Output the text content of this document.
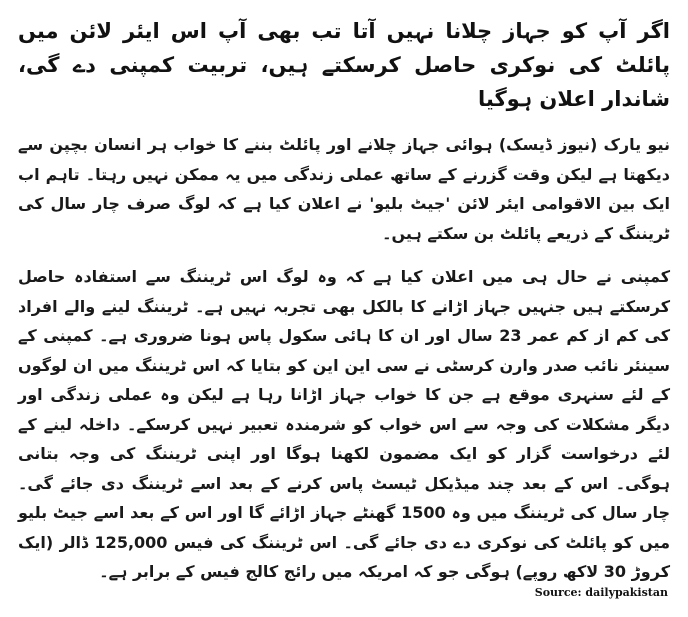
اگر آپ کو جہاز چلانا نہیں آتا تب بھی آپ اس ایئر لائن میں پائلٹ کی نوکری حاصل کرسکتے ہیں، تربیت کمپنی دے گی، شاندار اعلان ہوگیا

نیو یارک (نیوز ڈیسک) ہوائی جہاز چلانے اور پائلٹ بننے کا خواب ہر انسان بچپن سے دیکھتا ہے لیکن وقت گزرنے کے ساتھ عملی زندگی میں یہ ممکن نہیں رہتا۔ تاہم اب ایک بین الاقوامی ایئر لائن 'جیٹ بلیو' نے اعلان کیا ہے کہ لوگ صرف چار سال کی ٹریننگ کے ذریعے پائلٹ بن سکتے ہیں۔

کمپنی نے حال ہی میں اعلان کیا ہے کہ وہ لوگ اس ٹریننگ سے استفادہ حاصل کرسکتے ہیں جنہیں جہاز اڑانے کا بالکل بھی تجربہ نہیں ہے۔ ٹریننگ لینے والے افراد کی کم از کم عمر 23 سال اور ان کا ہائی سکول پاس ہونا ضروری ہے۔ کمپنی کے سینئر نائب صدر وارن کرسٹی نے سی این این کو بتایا کہ اس ٹریننگ میں ان لوگوں کے لئے سنہری موقع ہے جن کا خواب جہاز اڑانا رہا ہے لیکن وہ عملی زندگی اور دیگر مشکلات کی وجہ سے اس خواب کو شرمندہ تعبیر نہیں کرسکے۔ داخلہ لینے کے لئے درخواست گزار کو ایک مضمون لکھنا ہوگا اور اپنی ٹریننگ کی وجہ بتانی ہوگی۔ اس کے بعد چند میڈیکل ٹیسٹ پاس کرنے کے بعد اسے ٹریننگ دی جائے گی۔ چار سال کی ٹریننگ میں وہ 1500 گھنٹے جہاز اڑائے گا اور اس کے بعد اسے جیٹ بلیو میں کو پائلٹ کی نوکری دے دی جائے گی۔ اس ٹریننگ کی فیس 125,000 ڈالر (ایک کروڑ 30 لاکھ روپے) ہوگی جو کہ امریکہ میں رائج کالج فیس کے برابر ہے۔

Source: dailypakistan
